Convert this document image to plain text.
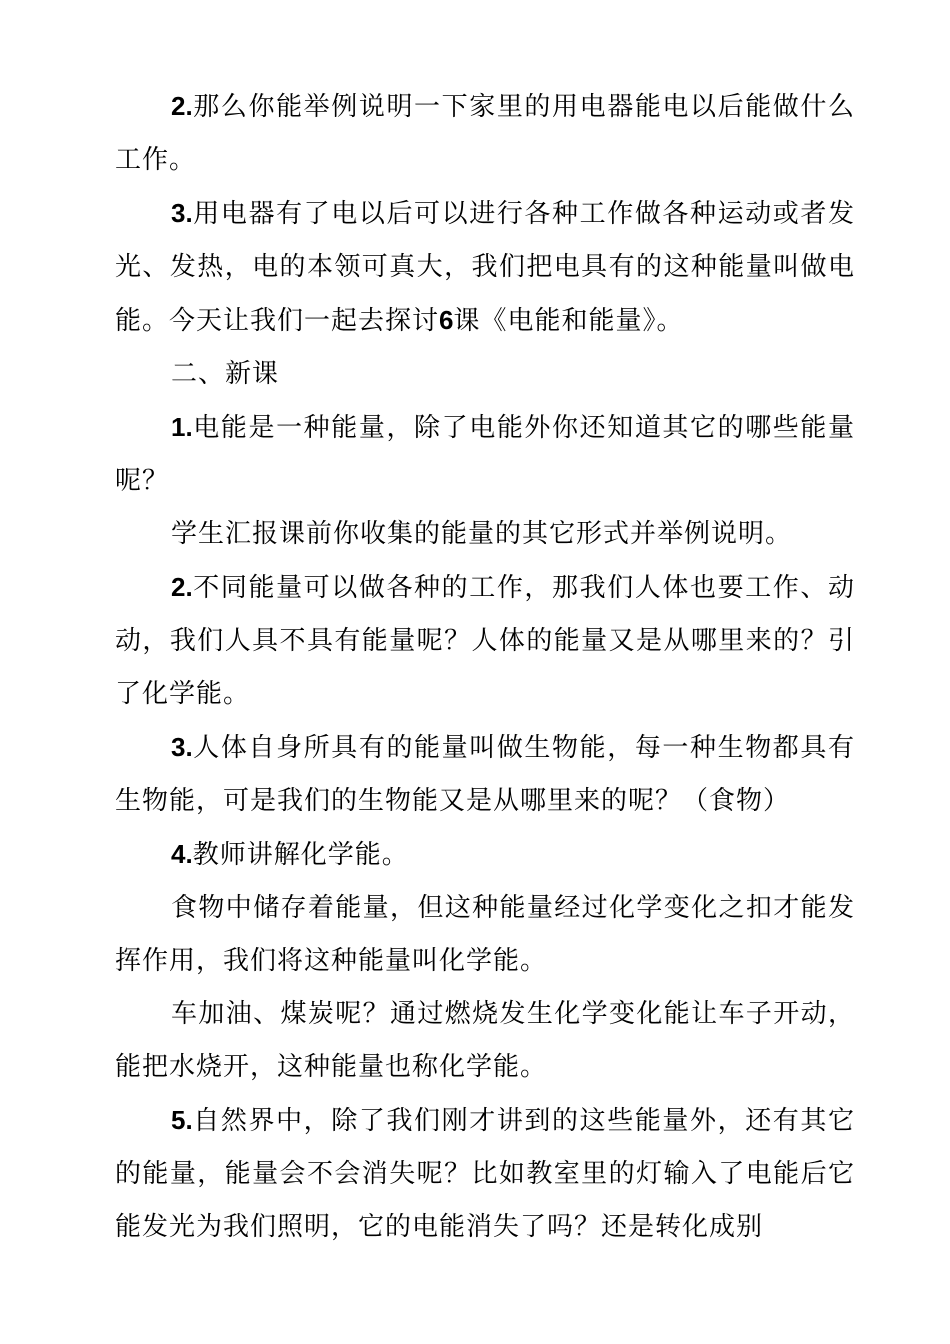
2.那么你能举例说明一下家里的用电器能电以后能做什么工作。

3.用电器有了电以后可以进行各种工作做各种运动或者发光、发热，电的本领可真大，我们把电具有的这种能量叫做电能。今天让我们一起去探讨6课《电能和能量》。

二、新课

1.电能是一种能量，除了电能外你还知道其它的哪些能量呢？

学生汇报课前你收集的能量的其它形式并举例说明。

2.不同能量可以做各种的工作，那我们人体也要工作、动动，我们人具不具有能量呢？人体的能量又是从哪里来的？引了化学能。

3.人体自身所具有的能量叫做生物能，每一种生物都具有生物能，可是我们的生物能又是从哪里来的呢？（食物）

4.教师讲解化学能。

食物中储存着能量，但这种能量经过化学变化之扣才能发挥作用，我们将这种能量叫化学能。

车加油、煤炭呢？通过燃烧发生化学变化能让车子开动，能把水烧开，这种能量也称化学能。

5.自然界中，除了我们刚才讲到的这些能量外，还有其它的能量，能量会不会消失呢？比如教室里的灯输入了电能后它能发光为我们照明，它的电能消失了吗？还是转化成别
